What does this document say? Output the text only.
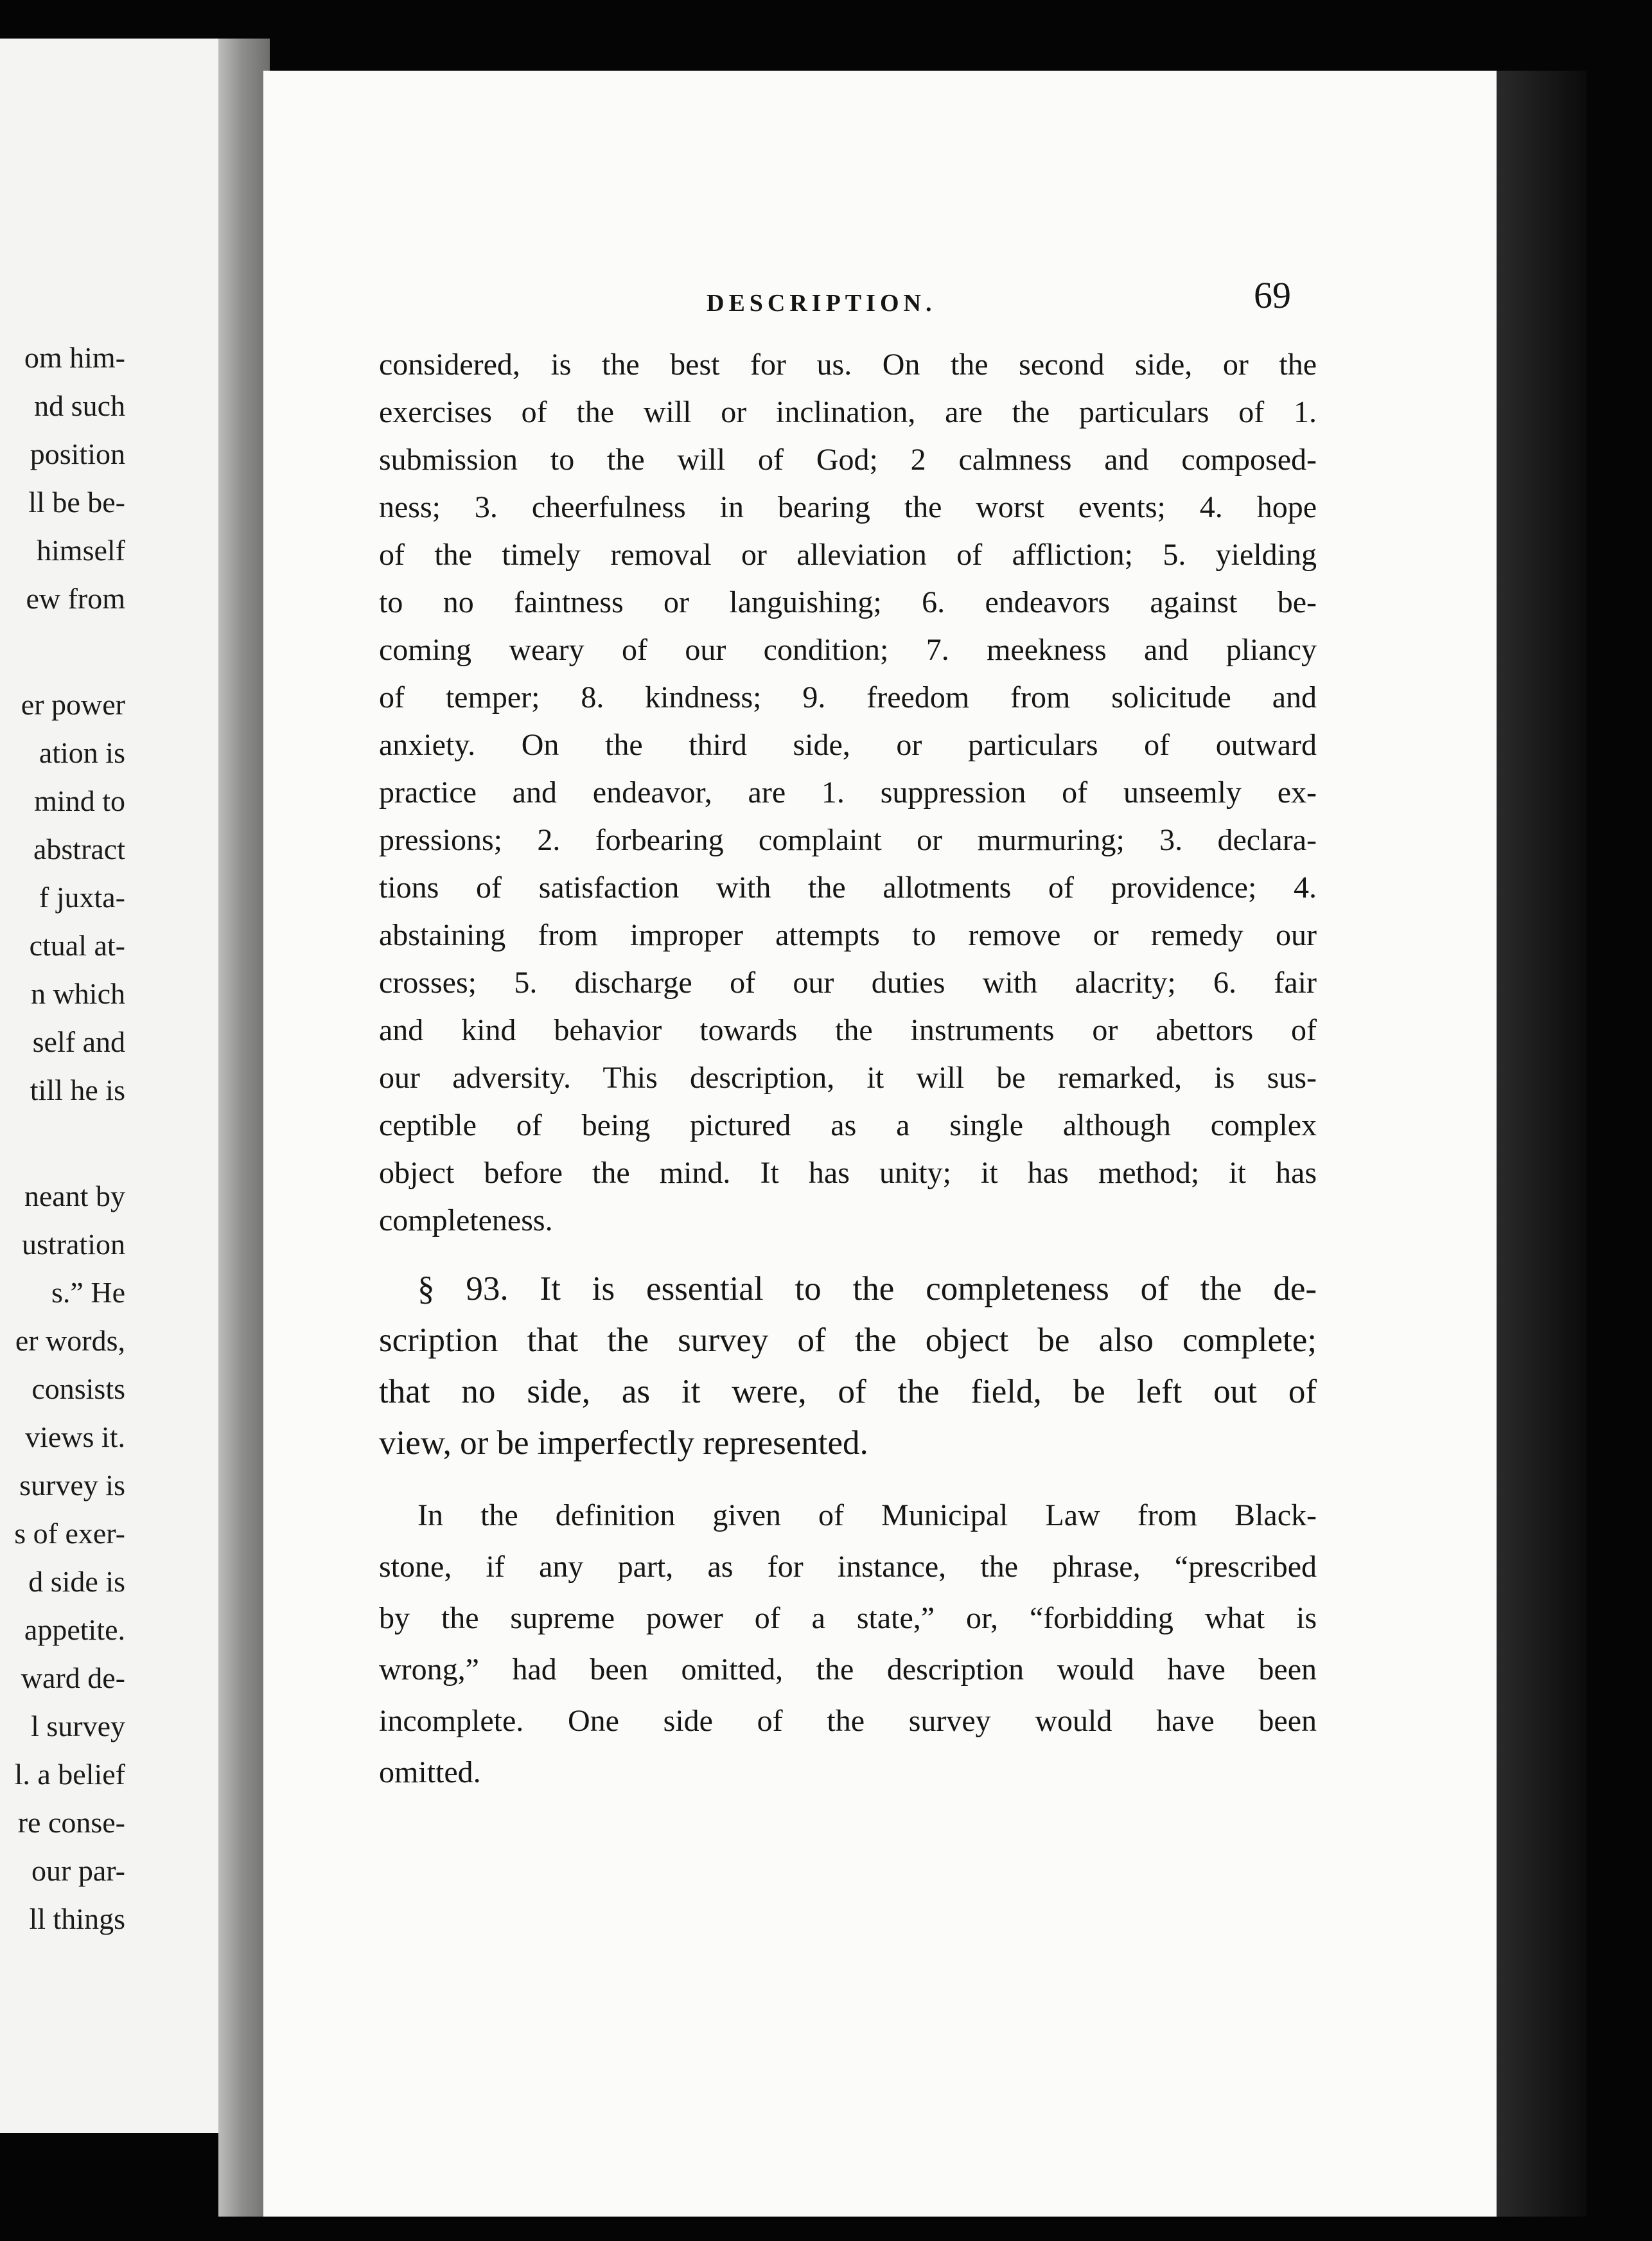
om him-
nd such
position
ll be be-
himself
ew from
er power
ation is
mind to
abstract
f juxta-
ctual at-
n which
self and
till he is
neant by
ustration
s.” He
er words,
consists
views it.
survey is
s of exer-
d side is
appetite.
ward de-
l survey
l. a belief
re conse-
our par-
ll things
DESCRIPTION.	69
considered, is the best for us. On the second side, or the
exercises of the will or inclination, are the particulars of 1.
submission to the will of God; 2 calmness and composed-
ness; 3. cheerfulness in bearing the worst events; 4. hope
of the timely removal or alleviation of affliction; 5. yielding
to no faintness or languishing; 6. endeavors against be-
coming weary of our condition; 7. meekness and pliancy
of temper; 8. kindness; 9. freedom from solicitude and
anxiety. On the third side, or particulars of outward
practice and endeavor, are 1. suppression of unseemly ex-
pressions; 2. forbearing complaint or murmuring; 3. declara-
tions of satisfaction with the allotments of providence; 4.
abstaining from improper attempts to remove or remedy our
crosses; 5. discharge of our duties with alacrity; 6. fair
and kind behavior towards the instruments or abettors of
our adversity. This description, it will be remarked, is sus-
ceptible of being pictured as a single although complex
object before the mind. It has unity; it has method; it has
completeness.
§ 93. It is essential to the completeness of the de-
scription that the survey of the object be also complete;
that no side, as it were, of the field, be left out of
view, or be imperfectly represented.
In the definition given of Municipal Law from Black-
stone, if any part, as for instance, the phrase, “prescribed
by the supreme power of a state,” or, “forbidding what is
wrong,” had been omitted, the description would have been
incomplete. One side of the survey would have been
omitted.
